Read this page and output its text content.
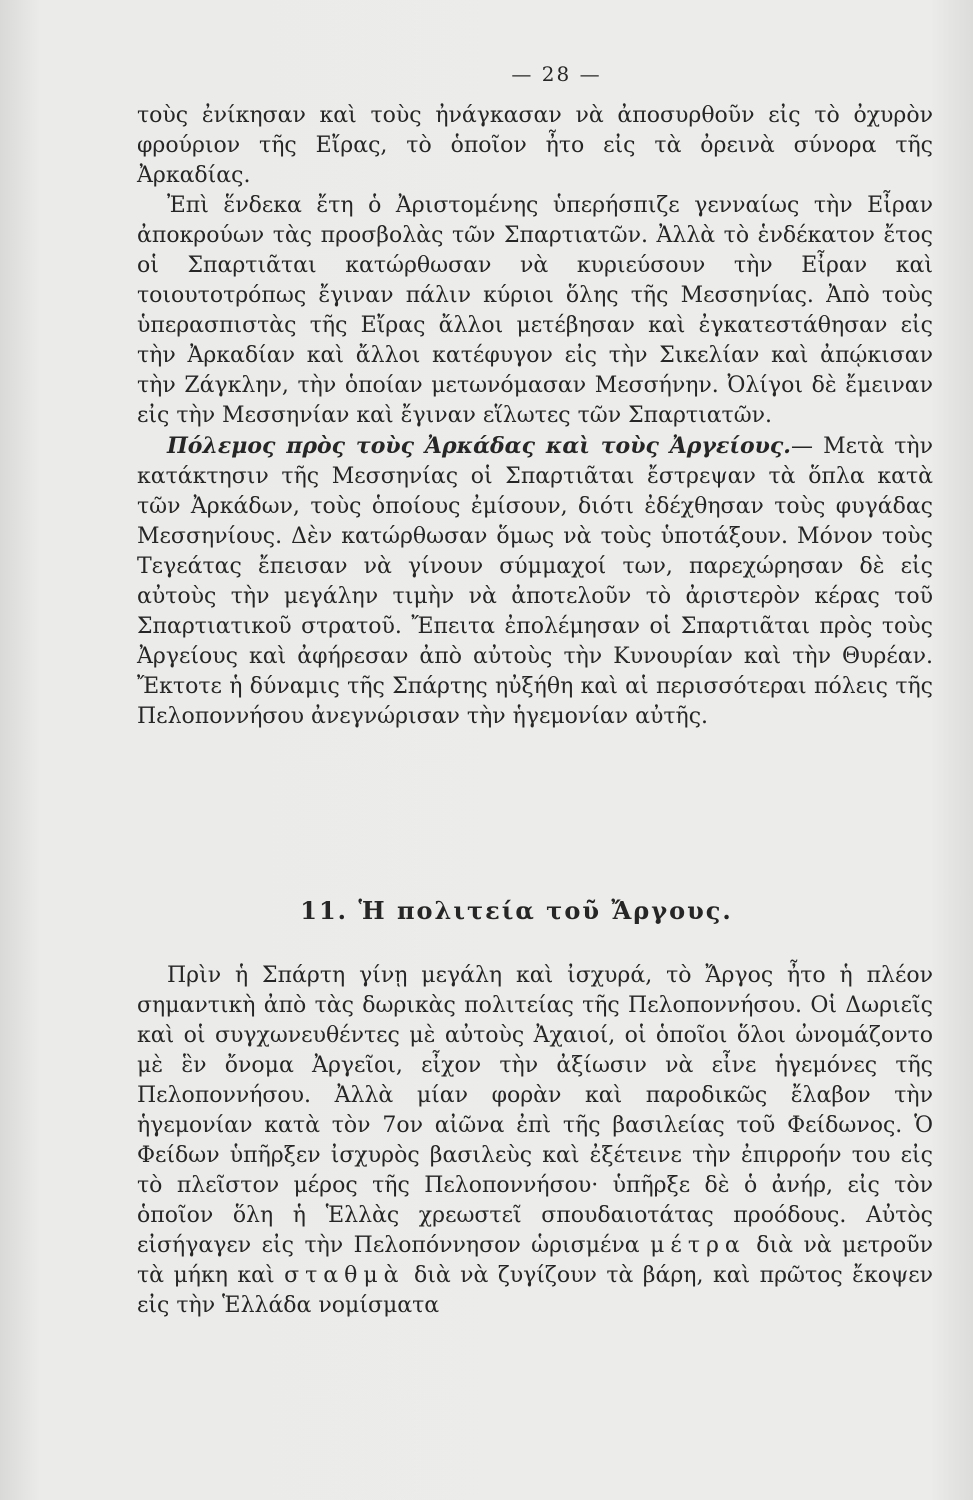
— 28 —

τοὺς ἐνίκησαν καὶ τοὺς ἠνάγκασαν νὰ ἀποσυρθοῦν εἰς τὸ ὀχυρὸν φρούριον τῆς Εἴρας, τὸ ὁποῖον ἦτο εἰς τὰ ὀρεινὰ σύνορα τῆς Ἀρκαδίας.

Ἐπὶ ἕνδεκα ἔτη ὁ Ἀριστομένης ὑπερήσπιζε γενναίως τὴν Εἶραν ἀποκρούων τὰς προσβολὰς τῶν Σπαρτιατῶν. Ἀλλὰ τὸ ἑνδέκατον ἔτος οἱ Σπαρτιᾶται κατώρθωσαν νὰ κυριεύσουν τὴν Εἶραν καὶ τοιουτοτρόπως ἔγιναν πάλιν κύριοι ὅλης τῆς Μεσσηνίας. Ἀπὸ τοὺς ὑπερασπιστὰς τῆς Εἴρας ἄλλοι μετέβησαν καὶ ἐγκατεστάθησαν εἰς τὴν Ἀρκαδίαν καὶ ἄλλοι κατέφυγον εἰς τὴν Σικελίαν καὶ ἀπῴκισαν τὴν Ζάγκλην, τὴν ὁποίαν μετωνόμασαν Μεσσήνην. Ὀλίγοι δὲ ἔμειναν εἰς τὴν Μεσσηνίαν καὶ ἔγιναν εἵλωτες τῶν Σπαρτιατῶν.

Πόλεμος πρὸς τοὺς Ἀρκάδας καὶ τοὺς Ἀργείους.— Μετὰ τὴν κατάκτησιν τῆς Μεσσηνίας οἱ Σπαρτιᾶται ἔστρεψαν τὰ ὅπλα κατὰ τῶν Ἀρκάδων, τοὺς ὁποίους ἐμίσουν, διότι ἐδέχθησαν τοὺς φυγάδας Μεσσηνίους. Δὲν κατώρθωσαν ὅμως νὰ τοὺς ὑποτάξουν. Μόνον τοὺς Τεγεάτας ἔπεισαν νὰ γίνουν σύμμαχοί των, παρεχώρησαν δὲ εἰς αὐτοὺς τὴν μεγάλην τιμὴν νὰ ἀποτελοῦν τὸ ἀριστερὸν κέρας τοῦ Σπαρτιατικοῦ στρατοῦ. Ἔπειτα ἐπολέμησαν οἱ Σπαρτιᾶται πρὸς τοὺς Ἀργείους καὶ ἀφήρεσαν ἀπὸ αὐτοὺς τὴν Κυνουρίαν καὶ τὴν Θυρέαν. Ἔκτοτε ἡ δύναμις τῆς Σπάρτης ηὐξήθη καὶ αἱ περισσότεραι πόλεις τῆς Πελοποννήσου ἀνεγνώρισαν τὴν ἡγεμονίαν αὐτῆς.

11. Ἡ πολιτεία τοῦ Ἄργους.

Πρὶν ἡ Σπάρτη γίνῃ μεγάλη καὶ ἰσχυρά, τὸ Ἄργος ἦτο ἡ πλέον σημαντικὴ ἀπὸ τὰς δωρικὰς πολιτείας τῆς Πελοποννήσου. Οἱ Δωριεῖς καὶ οἱ συγχωνευθέντες μὲ αὐτοὺς Ἀχαιοί, οἱ ὁποῖοι ὅλοι ὠνομάζοντο μὲ ἓν ὄνομα Ἀργεῖοι, εἶχον τὴν ἀξίωσιν νὰ εἶνε ἡγεμόνες τῆς Πελοποννήσου. Ἀλλὰ μίαν φορὰν καὶ παροδικῶς ἔλαβον τὴν ἡγεμονίαν κατὰ τὸν 7ον αἰῶνα ἐπὶ τῆς βασιλείας τοῦ Φείδωνος. Ὁ Φείδων ὑπῆρξεν ἰσχυρὸς βασιλεὺς καὶ ἐξέτεινε τὴν ἐπιρροήν του εἰς τὸ πλεῖστον μέρος τῆς Πελοποννήσου· ὑπῆρξε δὲ ὁ ἀνήρ, εἰς τὸν ὁποῖον ὅλη ἡ Ἑλλὰς χρεωστεῖ σπουδαιοτάτας προόδους. Αὐτὸς εἰσήγαγεν εἰς τὴν Πελοπόννησον ὡρισμένα μέτρα διὰ νὰ μετροῦν τὰ μήκη καὶ σταθμὰ διὰ νὰ ζυγίζουν τὰ βάρη, καὶ πρῶτος ἔκοψεν εἰς τὴν Ἑλλάδα νομίσματα
